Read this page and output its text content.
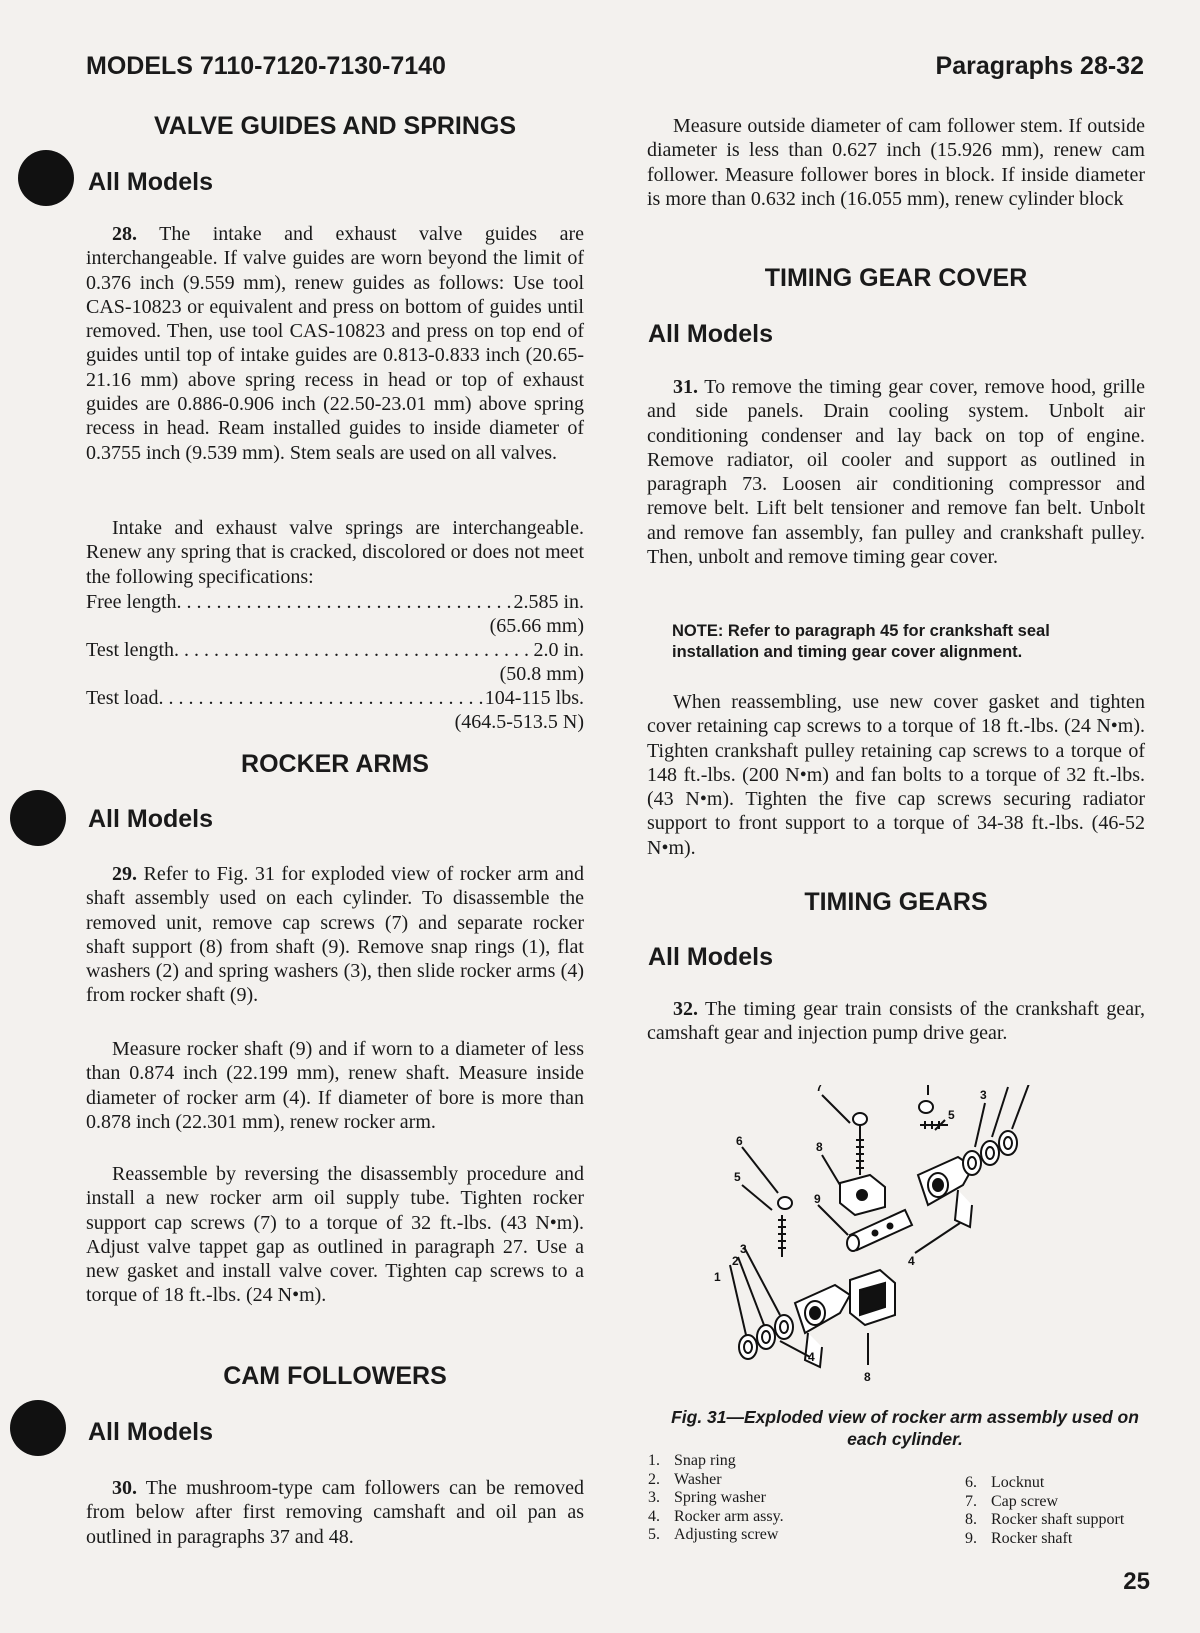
MODELS 7110-7120-7130-7140	Paragraphs 28-32
VALVE GUIDES AND SPRINGS
All Models

28. The intake and exhaust valve guides are interchangeable. If valve guides are worn beyond the limit of 0.376 inch (9.559 mm), renew guides as follows: Use tool CAS-10823 or equivalent and press on bottom of guides until removed. Then, use tool CAS-10823 and press on top end of guides until top of intake guides are 0.813-0.833 inch (20.65-21.16 mm) above spring recess in head or top of exhaust guides are 0.886-0.906 inch (22.50-23.01 mm) above spring recess in head. Ream installed guides to inside diameter of 0.3755 inch (9.539 mm). Stem seals are used on all valves.

Intake and exhaust valve springs are interchangeable. Renew any spring that is cracked, discolored or does not meet the following specifications:

Free length . . .	2.585 in.
(65.66 mm)
Test length . . .	2.0 in.
(50.8 mm)
Test load . . .	104-115 lbs.
(464.5-513.5 N)
ROCKER ARMS
All Models

29. Refer to Fig. 31 for exploded view of rocker arm and shaft assembly used on each cylinder. To disassemble the removed unit, remove cap screws (7) and separate rocker shaft support (8) from shaft (9). Remove snap rings (1), flat washers (2) and spring washers (3), then slide rocker arms (4) from rocker shaft (9).

Measure rocker shaft (9) and if worn to a diameter of less than 0.874 inch (22.199 mm), renew shaft. Measure inside diameter of rocker arm (4). If diameter of bore is more than 0.878 inch (22.301 mm), renew rocker arm.

Reassemble by reversing the disassembly procedure and install a new rocker arm oil supply tube. Tighten rocker support cap screws (7) to a torque of 32 ft.-lbs. (43 N•m). Adjust valve tappet gap as outlined in paragraph 27. Use a new gasket and install valve cover. Tighten cap screws to a torque of 18 ft.-lbs. (24 N•m).

CAM FOLLOWERS
All Models

30. The mushroom-type cam followers can be removed from below after first removing camshaft and oil pan as outlined in paragraphs 37 and 48.

Measure outside diameter of cam follower stem. If outside diameter is less than 0.627 inch (15.926 mm), renew cam follower. Measure follower bores in block. If inside diameter is more than 0.632 inch (16.055 mm), renew cylinder block

TIMING GEAR COVER
All Models

31. To remove the timing gear cover, remove hood, grille and side panels. Drain cooling system. Unbolt air conditioning condenser and lay back on top of engine. Remove radiator, oil cooler and support as outlined in paragraph 73. Loosen air conditioning compressor and remove belt. Lift belt tensioner and remove fan belt. Unbolt and remove fan assembly, fan pulley and crankshaft pulley. Then, unbolt and remove timing gear cover.

NOTE: Refer to paragraph 45 for crankshaft seal installation and timing gear cover alignment.

When reassembling, use new cover gasket and tighten cover retaining cap screws to a torque of 18 ft.-lbs. (24 N•m). Tighten crankshaft pulley retaining cap screws to a torque of 148 ft.-lbs. (200 N•m) and fan bolts to a torque of 32 ft.-lbs. (43 N•m). Tighten the five cap screws securing radiator support to front support to a torque of 34-38 ft.-lbs. (46-52 N•m).

TIMING GEARS
All Models

32. The timing gear train consists of the crankshaft gear, camshaft gear and injection pump drive gear.

7
6
5
8
9
5
3
4
1
2
3
4
8
Fig. 31—Exploded view of rocker arm assembly used on each cylinder.
1. Snap ring
2. Washer
3. Spring washer
4. Rocker arm assy.
5. Adjusting screw
6. Locknut
7. Cap screw
8. Rocker shaft support
9. Rocker shaft
25
